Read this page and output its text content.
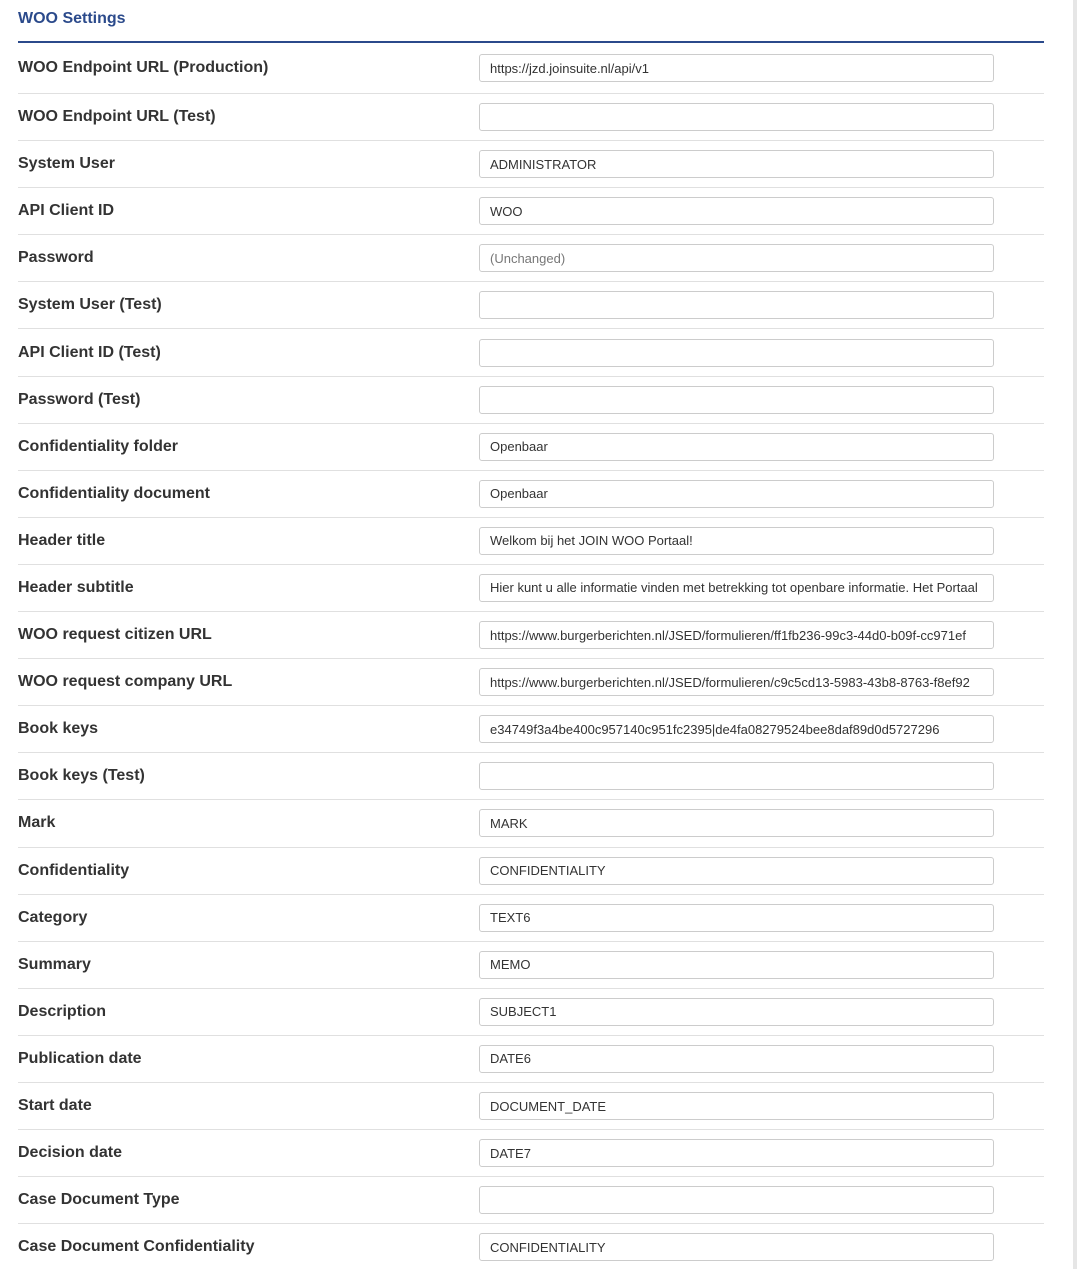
WOO Settings
WOO Endpoint URL (Production)
https://jzd.joinsuite.nl/api/v1
WOO Endpoint URL (Test)
System User
ADMINISTRATOR
API Client ID
WOO
Password
(Unchanged)
System User (Test)
API Client ID (Test)
Password (Test)
Confidentiality folder
Openbaar
Confidentiality document
Openbaar
Header title
Welkom bij het JOIN WOO Portaal!
Header subtitle
Hier kunt u alle informatie vinden met betrekking tot openbare informatie. Het Portaal
WOO request citizen URL
https://www.burgerberichten.nl/JSED/formulieren/ff1fb236-99c3-44d0-b09f-cc971ef
WOO request company URL
https://www.burgerberichten.nl/JSED/formulieren/c9c5cd13-5983-43b8-8763-f8ef92
Book keys
e34749f3a4be400c957140c951fc2395|de4fa08279524bee8daf89d0d5727296
Book keys (Test)
Mark
MARK
Confidentiality
CONFIDENTIALITY
Category
TEXT6
Summary
MEMO
Description
SUBJECT1
Publication date
DATE6
Start date
DOCUMENT_DATE
Decision date
DATE7
Case Document Type
Case Document Confidentiality
CONFIDENTIALITY
